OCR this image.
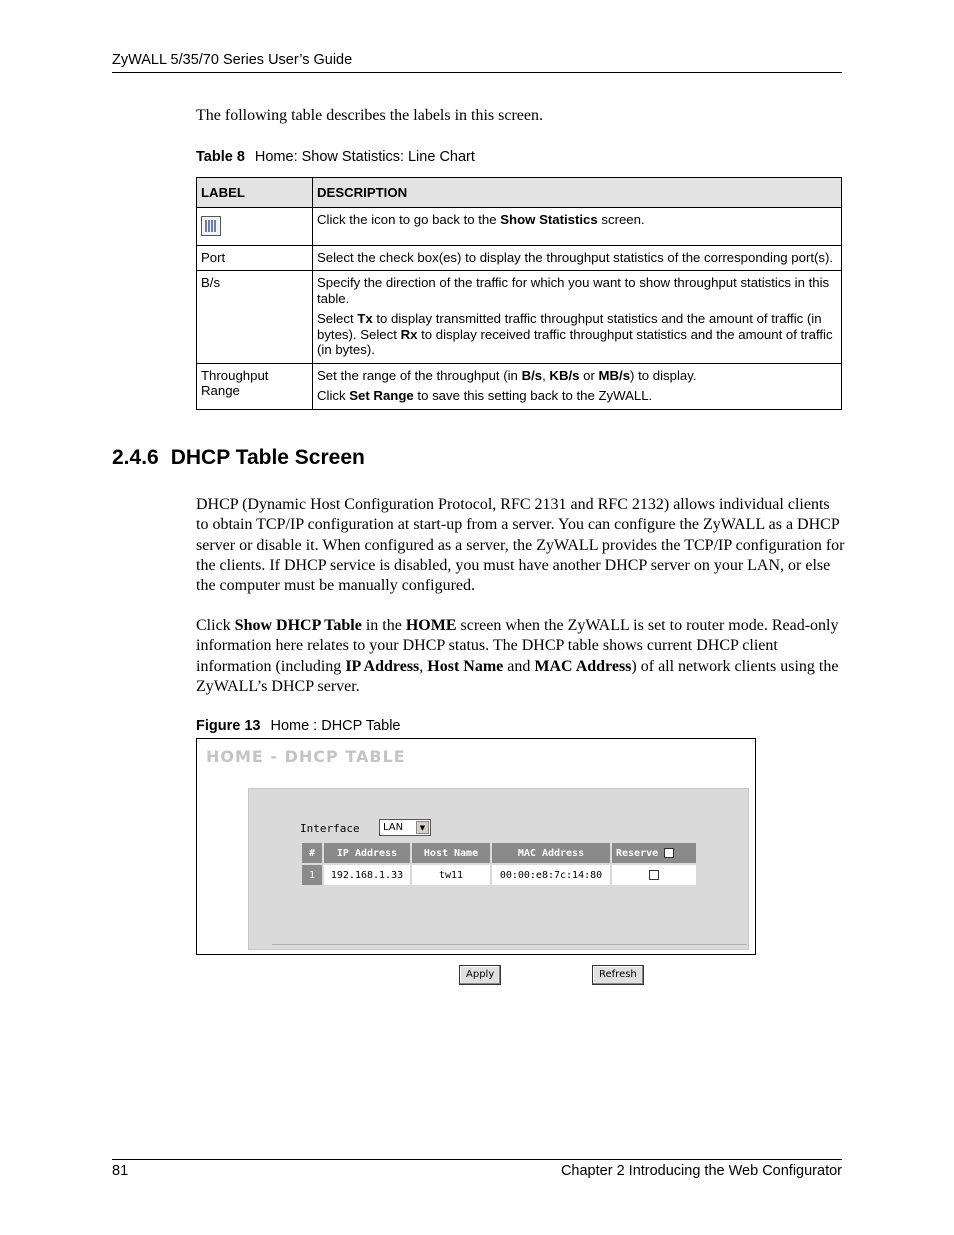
ZyWALL 5/35/70 Series User’s Guide
The following table describes the labels in this screen.
Table 8 Home: Show Statistics: Line Chart
LABEL	DESCRIPTION

	Click the icon to go back to the Show Statistics screen.
Port	Select the check box(es) to display the throughput statistics of the corresponding port(s).
B/s	Specify the direction of the traffic for which you want to show throughput statistics in this table.

Select Tx to display transmitted traffic throughput statistics and the amount of traffic (in bytes). Select Rx to display received traffic throughput statistics and the amount of traffic (in bytes).

Throughput Range	Set the range of the throughput (in B/s, KB/s or MB/s) to display.

Click Set Range to save this setting back to the ZyWALL.

2.4.6 DHCP Table Screen

DHCP (Dynamic Host Configuration Protocol, RFC 2131 and RFC 2132) allows individual clients to obtain TCP/IP configuration at start-up from a server. You can configure the ZyWALL as a DHCP server or disable it. When configured as a server, the ZyWALL provides the TCP/IP configuration for the clients. If DHCP service is disabled, you must have another DHCP server on your LAN, or else the computer must be manually configured.

Click Show DHCP Table in the HOME screen when the ZyWALL is set to router mode. Read-only information here relates to your DHCP status. The DHCP table shows current DHCP client information (including IP Address, Host Name and MAC Address) of all network clients using the ZyWALL’s DHCP server.

Figure 13 Home : DHCP Table
HOME - DHCP TABLE
Interface LAN	▼
#	IP Address	Host Name	MAC Address	Reserve
1	192.168.1.33	tw11	00:00:e8:7c:14:80	
Apply	Refresh
81	Chapter 2 Introducing the Web Configurator
